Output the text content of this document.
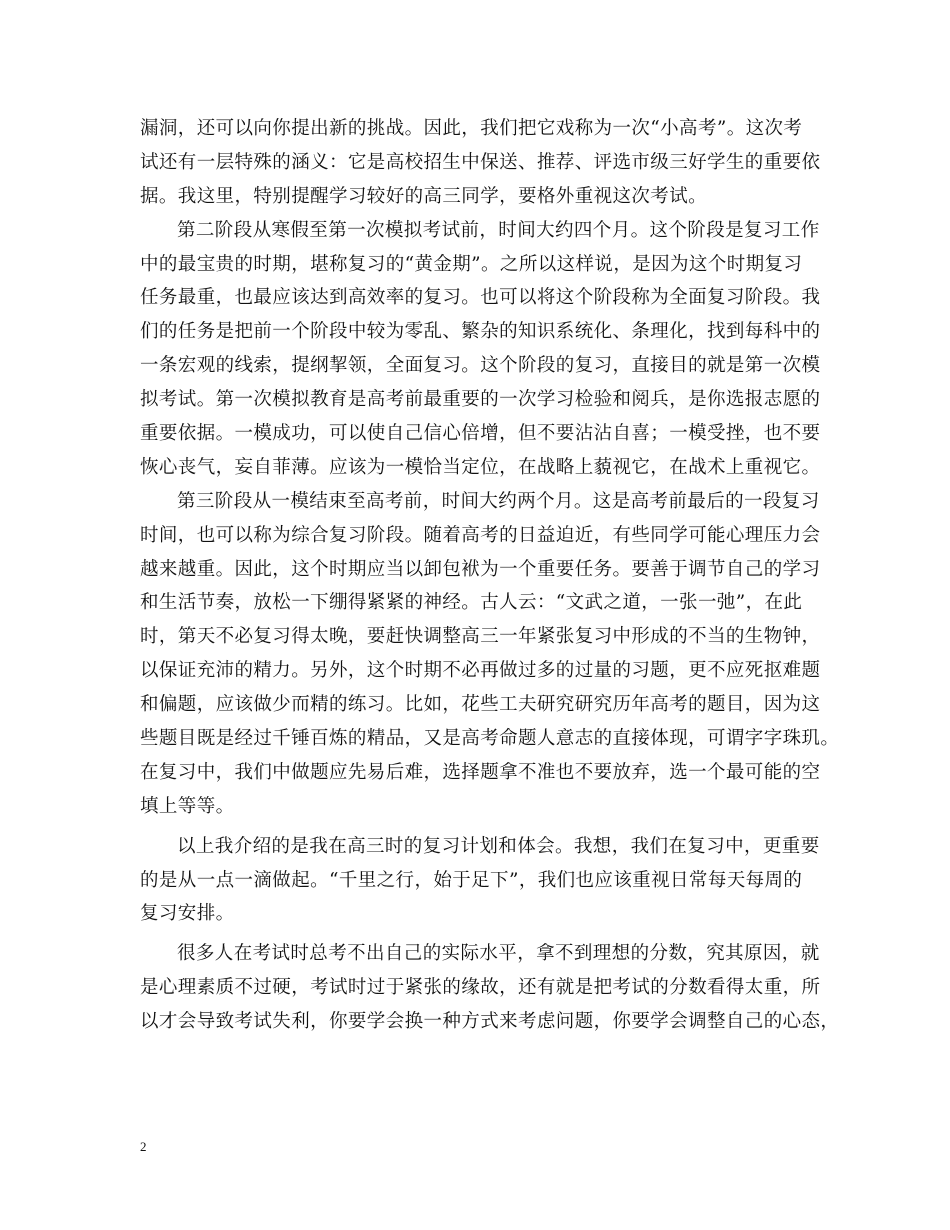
漏洞，还可以向你提出新的挑战。因此，我们把它戏称为一次“小高考”。这次考
试还有一层特殊的涵义：它是高校招生中保送、推荐、评选市级三好学生的重要依
据。我这里，特别提醒学习较好的高三同学，要格外重视这次考试。
第二阶段从寒假至第一次模拟考试前，时间大约四个月。这个阶段是复习工作
中的最宝贵的时期，堪称复习的“黄金期”。之所以这样说，是因为这个时期复习
任务最重，也最应该达到高效率的复习。也可以将这个阶段称为全面复习阶段。我
们的任务是把前一个阶段中较为零乱、繁杂的知识系统化、条理化，找到每科中的
一条宏观的线索，提纲挈领，全面复习。这个阶段的复习，直接目的就是第一次模
拟考试。第一次模拟教育是高考前最重要的一次学习检验和阅兵，是你选报志愿的
重要依据。一模成功，可以使自己信心倍增，但不要沾沾自喜；一模受挫，也不要
恢心丧气，妄自菲薄。应该为一模恰当定位，在战略上藐视它，在战术上重视它。
第三阶段从一模结束至高考前，时间大约两个月。这是高考前最后的一段复习
时间，也可以称为综合复习阶段。随着高考的日益迫近，有些同学可能心理压力会
越来越重。因此，这个时期应当以卸包袱为一个重要任务。要善于调节自己的学习
和生活节奏，放松一下绷得紧紧的神经。古人云：“文武之道，一张一弛”，在此
时，第天不必复习得太晚，要赶快调整高三一年紧张复习中形成的不当的生物钟，
以保证充沛的精力。另外，这个时期不必再做过多的过量的习题，更不应死抠难题
和偏题，应该做少而精的练习。比如，花些工夫研究研究历年高考的题目，因为这
些题目既是经过千锤百炼的精品，又是高考命题人意志的直接体现，可谓字字珠玑。
在复习中，我们中做题应先易后难，选择题拿不准也不要放弃，选一个最可能的空
填上等等。
以上我介绍的是我在高三时的复习计划和体会。我想，我们在复习中，更重要
的是从一点一滴做起。“千里之行，始于足下”，我们也应该重视日常每天每周的
复习安排。
很多人在考试时总考不出自己的实际水平，拿不到理想的分数，究其原因，就
是心理素质不过硬，考试时过于紧张的缘故，还有就是把考试的分数看得太重，所
以才会导致考试失利，你要学会换一种方式来考虑问题，你要学会调整自己的心态，
2
